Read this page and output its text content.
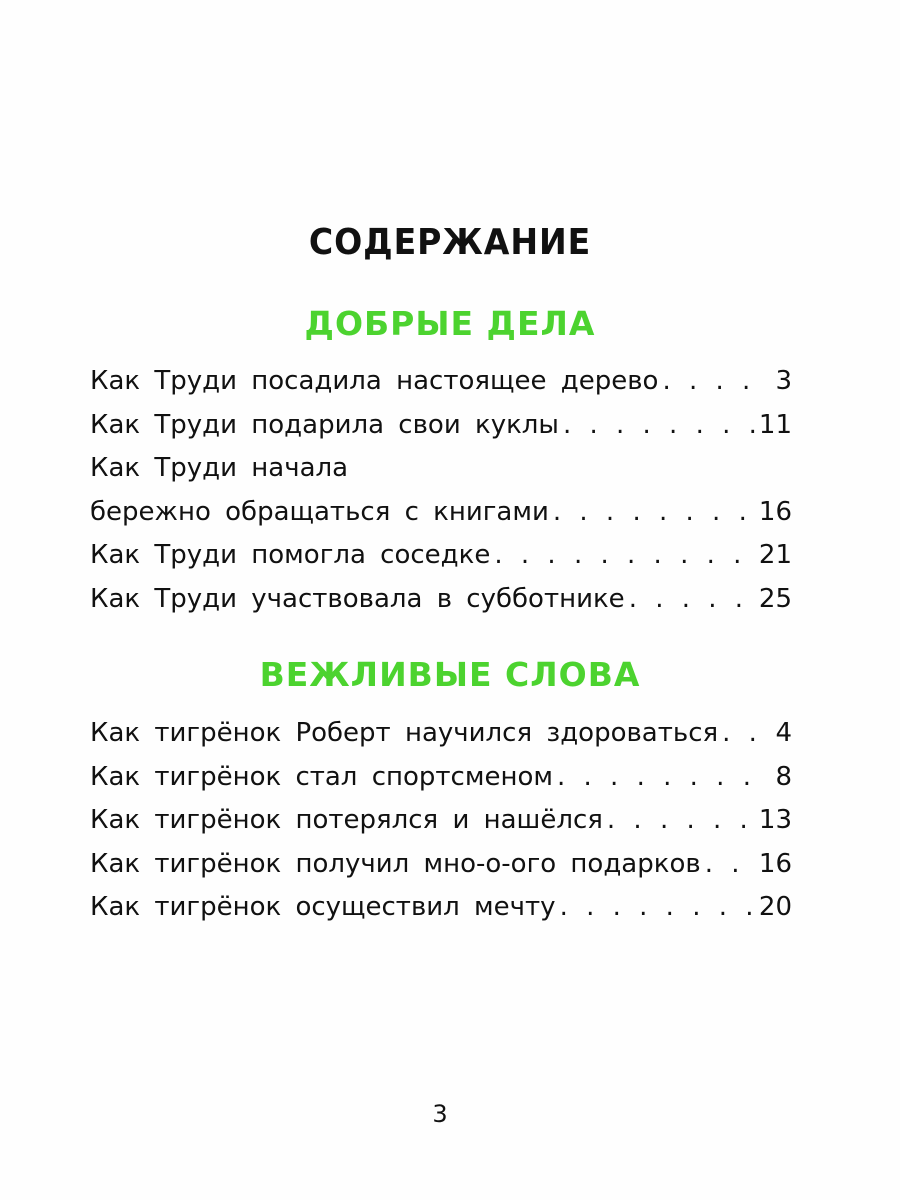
СОДЕРЖАНИЕ
ДОБРЫЕ ДЕЛА
Как Труди посадила настоящее дерево . . .	3
Как Труди подарила свои куклы . . .	11
Как Труди начала
бережно обращаться с книгами . . .	16
Как Труди помогла соседке . . .	21
Как Труди участвовала в субботнике . . .	25
ВЕЖЛИВЫЕ СЛОВА
Как тигрёнок Роберт научился здороваться . . . 4
Как тигрёнок стал спортсменом . . .	8
Как тигрёнок потерялся и нашёлся . . .	13
Как тигрёнок получил мно-о-ого подарков . . . 16
Как тигрёнок осуществил мечту . . .	20
3
